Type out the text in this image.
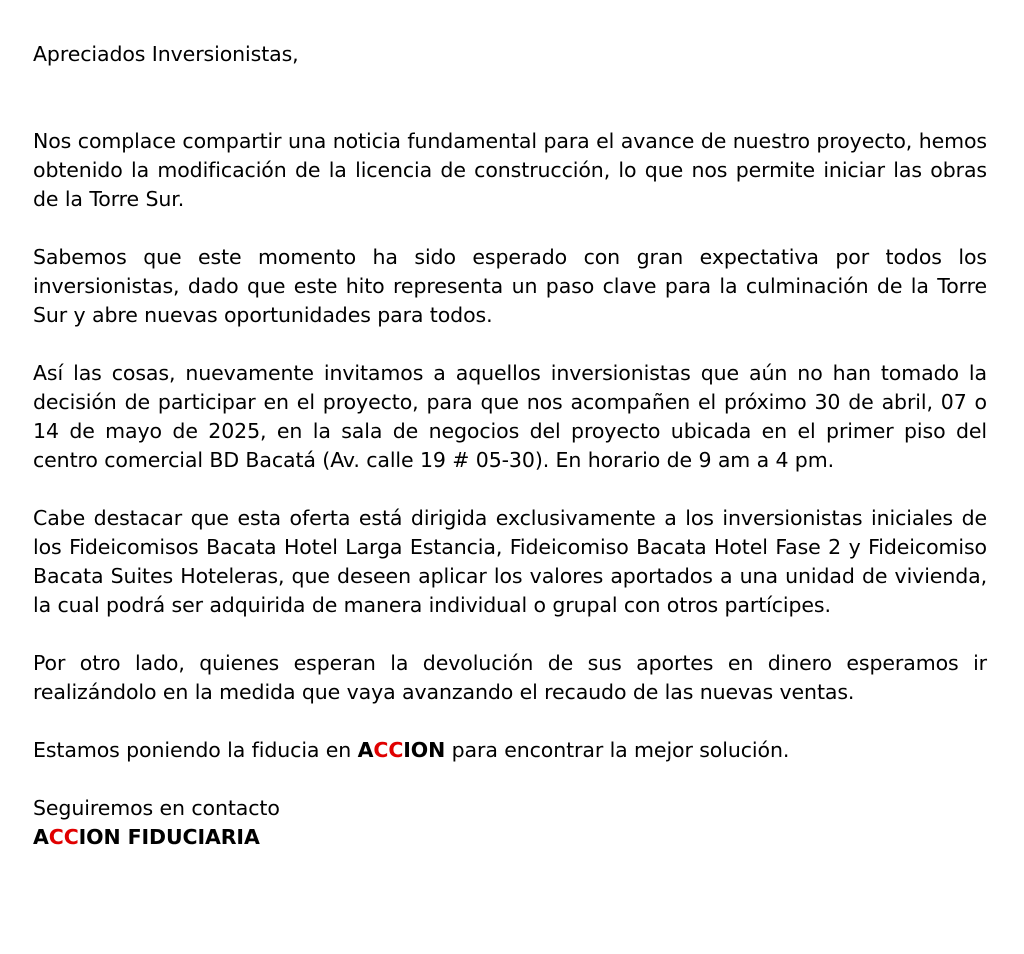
Apreciados Inversionistas,

Nos complace compartir una noticia fundamental para el avance de nuestro proyecto, hemos obtenido la modificación de la licencia de construcción, lo que nos permite iniciar las obras de la Torre Sur.

Sabemos que este momento ha sido esperado con gran expectativa por todos los inversionistas, dado que este hito representa un paso clave para la culminación de la Torre Sur y abre nuevas oportunidades para todos.

Así las cosas, nuevamente invitamos a aquellos inversionistas que aún no han tomado la decisión de participar en el proyecto, para que nos acompañen el próximo 30 de abril, 07 o 14 de mayo de 2025, en la sala de negocios del proyecto ubicada en el primer piso del centro comercial BD Bacatá (Av. calle 19 # 05-30). En horario de 9 am a 4 pm.

Cabe destacar que esta oferta está dirigida exclusivamente a los inversionistas iniciales de los Fideicomisos Bacata Hotel Larga Estancia, Fideicomiso Bacata Hotel Fase 2 y Fideicomiso Bacata Suites Hoteleras, que deseen aplicar los valores aportados a una unidad de vivienda, la cual podrá ser adquirida de manera individual o grupal con otros partícipes.

Por otro lado, quienes esperan la devolución de sus aportes en dinero esperamos ir realizándolo en la medida que vaya avanzando el recaudo de las nuevas ventas.

Estamos poniendo la fiducia en ACCION para encontrar la mejor solución.

Seguiremos en contacto

ACCION FIDUCIARIA
